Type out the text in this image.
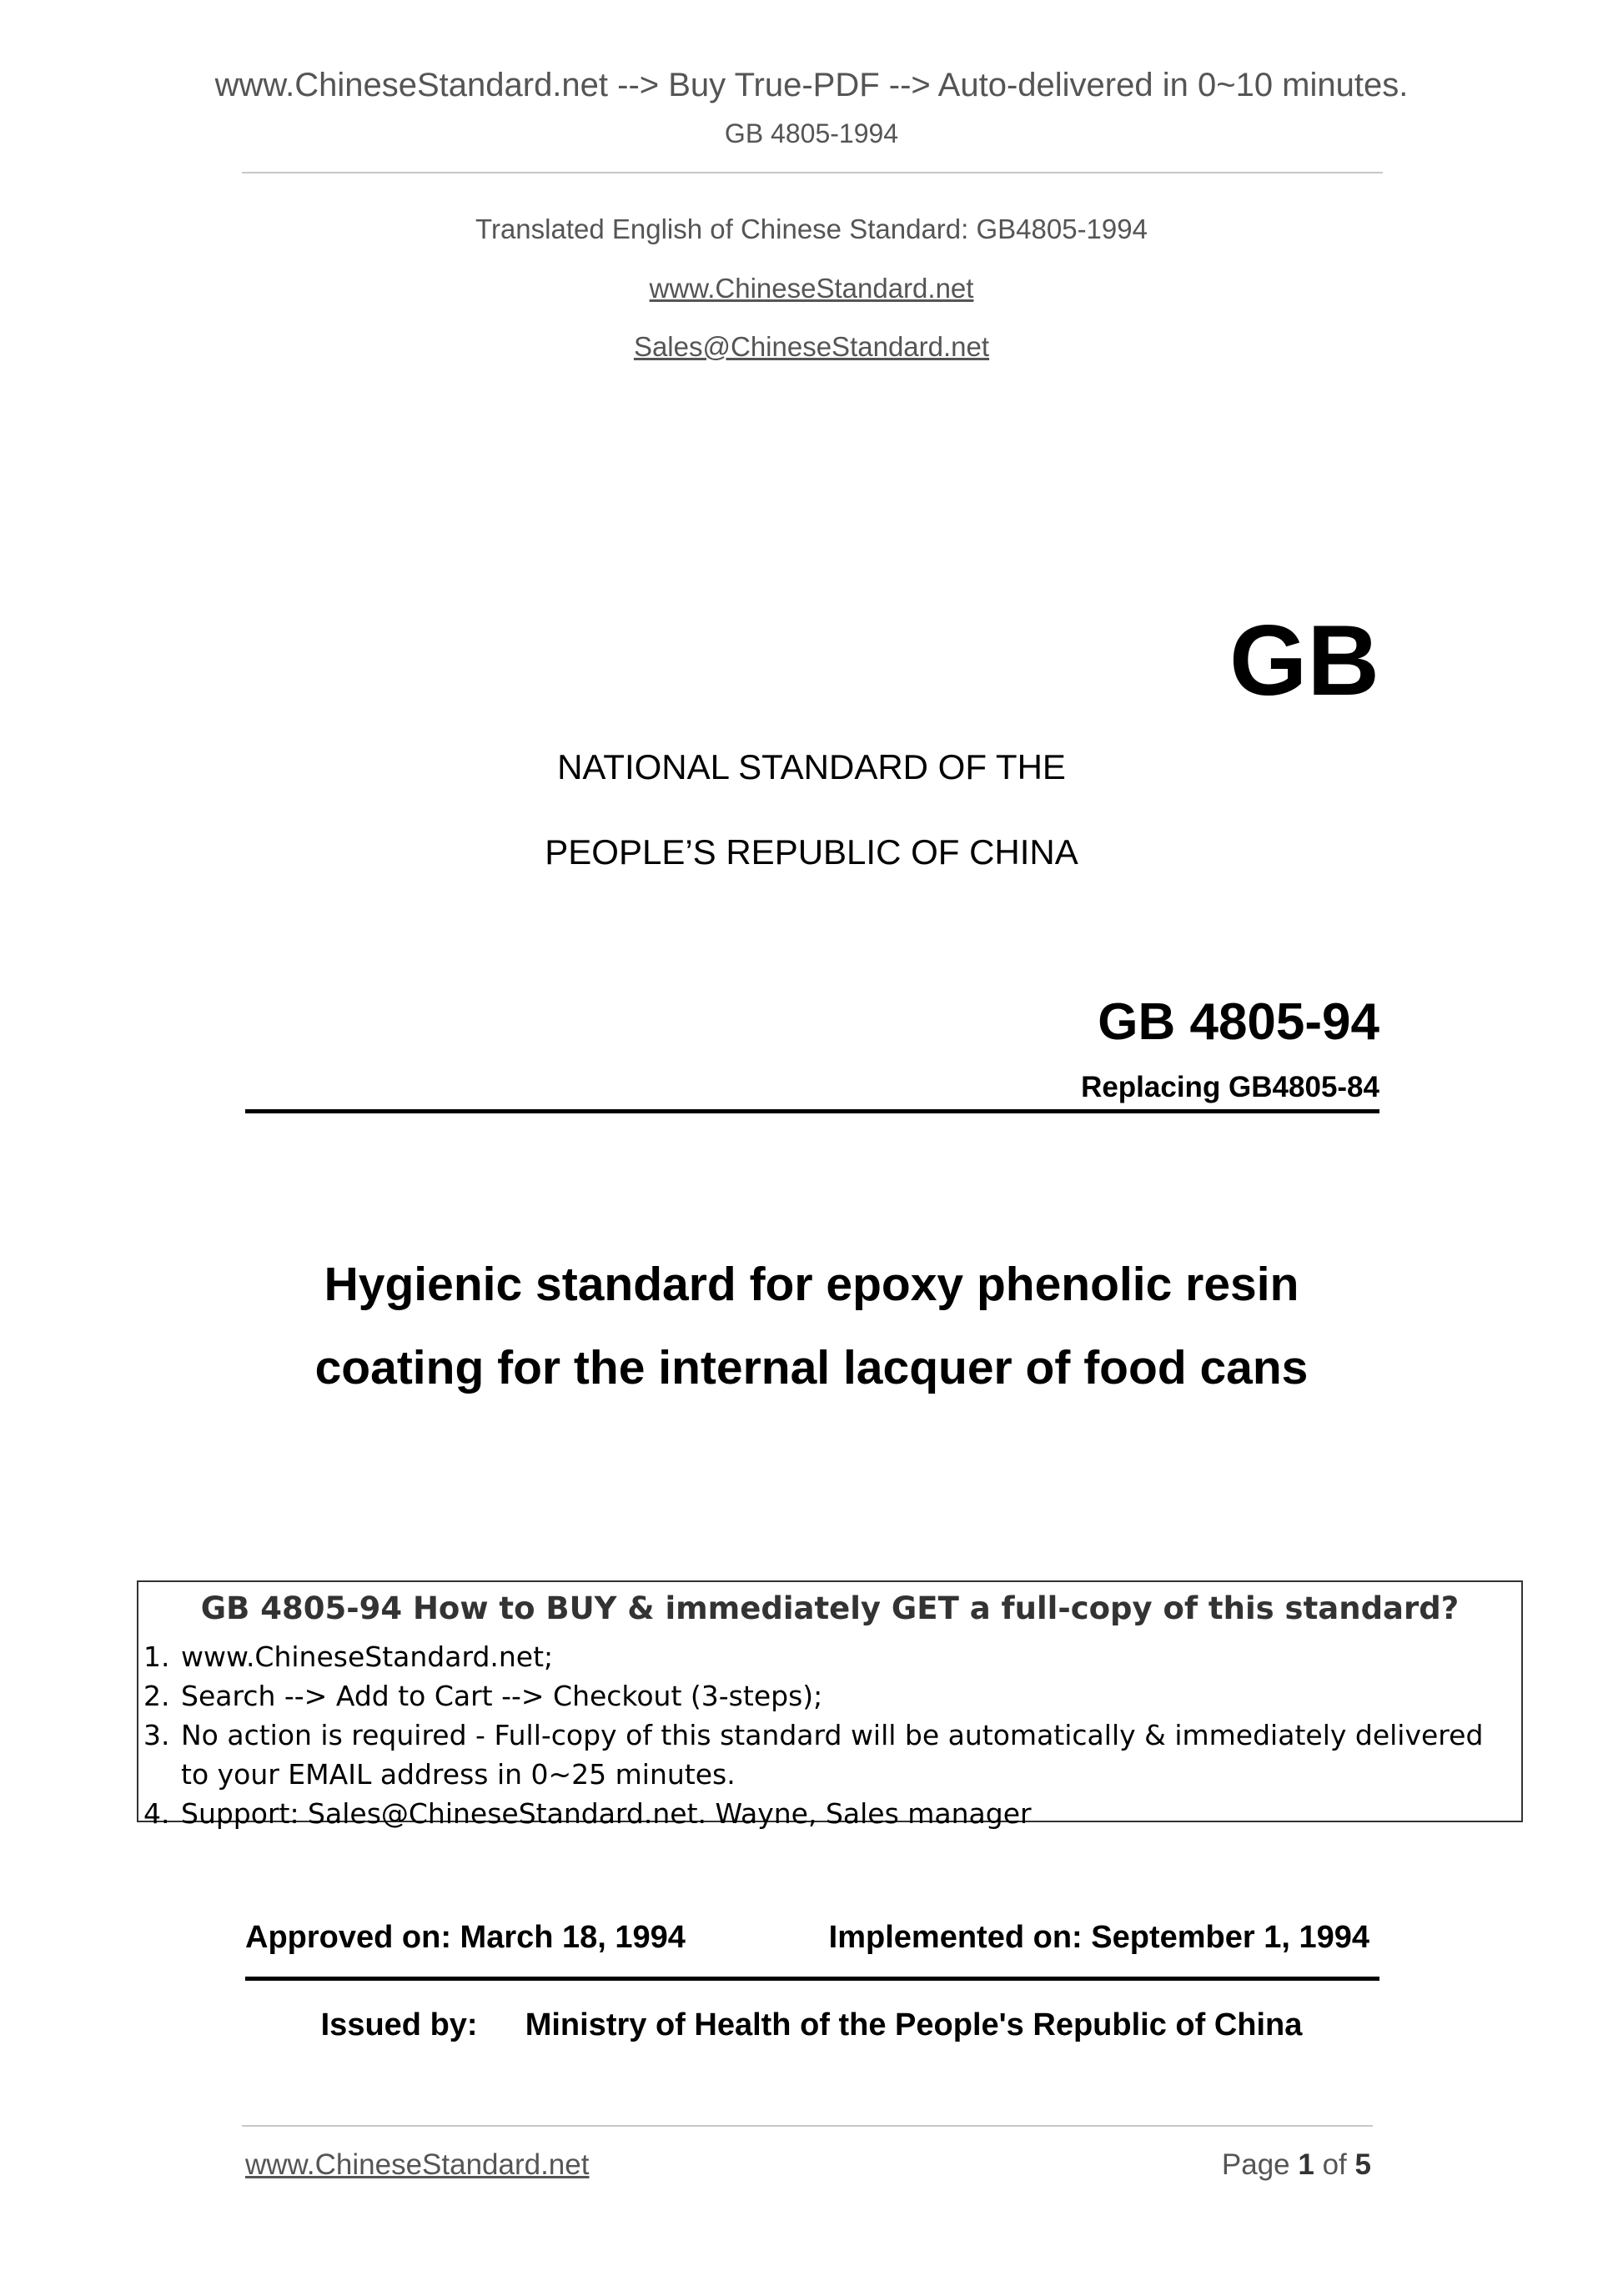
www.ChineseStandard.net --> Buy True-PDF --> Auto-delivered in 0~10 minutes.
GB 4805-1994
Translated English of Chinese Standard: GB4805-1994
www.ChineseStandard.net
Sales@ChineseStandard.net
GB
NATIONAL STANDARD OF THE
PEOPLE’S REPUBLIC OF CHINA
GB 4805-94
Replacing GB4805-84
Hygienic standard for epoxy phenolic resin
coating for the internal lacquer of food cans
GB 4805-94 How to BUY & immediately GET a full-copy of this standard?
1. www.ChineseStandard.net;
2. Search --> Add to Cart --> Checkout (3-steps);
3. No action is required - Full-copy of this standard will be automatically & immediately delivered to your EMAIL address in 0~25 minutes.
4. Support: Sales@ChineseStandard.net. Wayne, Sales manager
Approved on: March 18, 1994	Implemented on: September 1, 1994
Issued by: Ministry of Health of the People's Republic of China
www.ChineseStandard.net	Page 1 of 5
